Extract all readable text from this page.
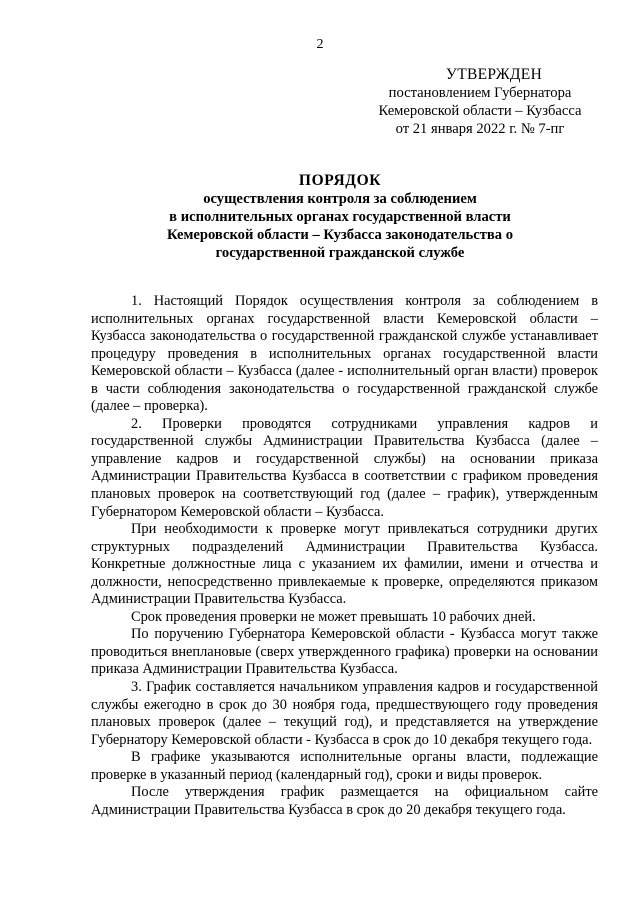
2
УТВЕРЖДЕН
постановлением Губернатора
Кемеровской области – Кузбасса
от 21 января 2022 г. № 7-пг
ПОРЯДОК
осуществления контроля за соблюдением
в исполнительных органах государственной власти
Кемеровской области – Кузбасса законодательства о
государственной гражданской службе

1. Настоящий Порядок осуществления контроля за соблюдением в исполнительных органах государственной власти Кемеровской области – Кузбасса законодательства о государственной гражданской службе устанавливает процедуру проведения в исполнительных органах государственной власти Кемеровской области – Кузбасса (далее - исполнительный орган власти) проверок в части соблюдения законодательства о государственной гражданской службе (далее – проверка).

2. Проверки проводятся сотрудниками управления кадров и государственной службы Администрации Правительства Кузбасса (далее – управление кадров и государственной службы) на основании приказа Администрации Правительства Кузбасса в соответствии с графиком проведения плановых проверок на соответствующий год (далее – график), утвержденным Губернатором Кемеровской области – Кузбасса.

При необходимости к проверке могут привлекаться сотрудники других структурных подразделений Администрации Правительства Кузбасса. Конкретные должностные лица с указанием их фамилии, имени и отчества и должности, непосредственно привлекаемые к проверке, определяются приказом Администрации Правительства Кузбасса.

Срок проведения проверки не может превышать 10 рабочих дней.

По поручению Губернатора Кемеровской области - Кузбасса могут также проводиться внеплановые (сверх утвержденного графика) проверки на основании приказа Администрации Правительства Кузбасса.

3. График составляется начальником управления кадров и государственной службы ежегодно в срок до 30 ноября года, предшествующего году проведения плановых проверок (далее – текущий год), и представляется на утверждение Губернатору Кемеровской области - Кузбасса в срок до 10 декабря текущего года.

В графике указываются исполнительные органы власти, подлежащие проверке в указанный период (календарный год), сроки и виды проверок.

После утверждения график размещается на официальном сайте Администрации Правительства Кузбасса в срок до 20 декабря текущего года.
